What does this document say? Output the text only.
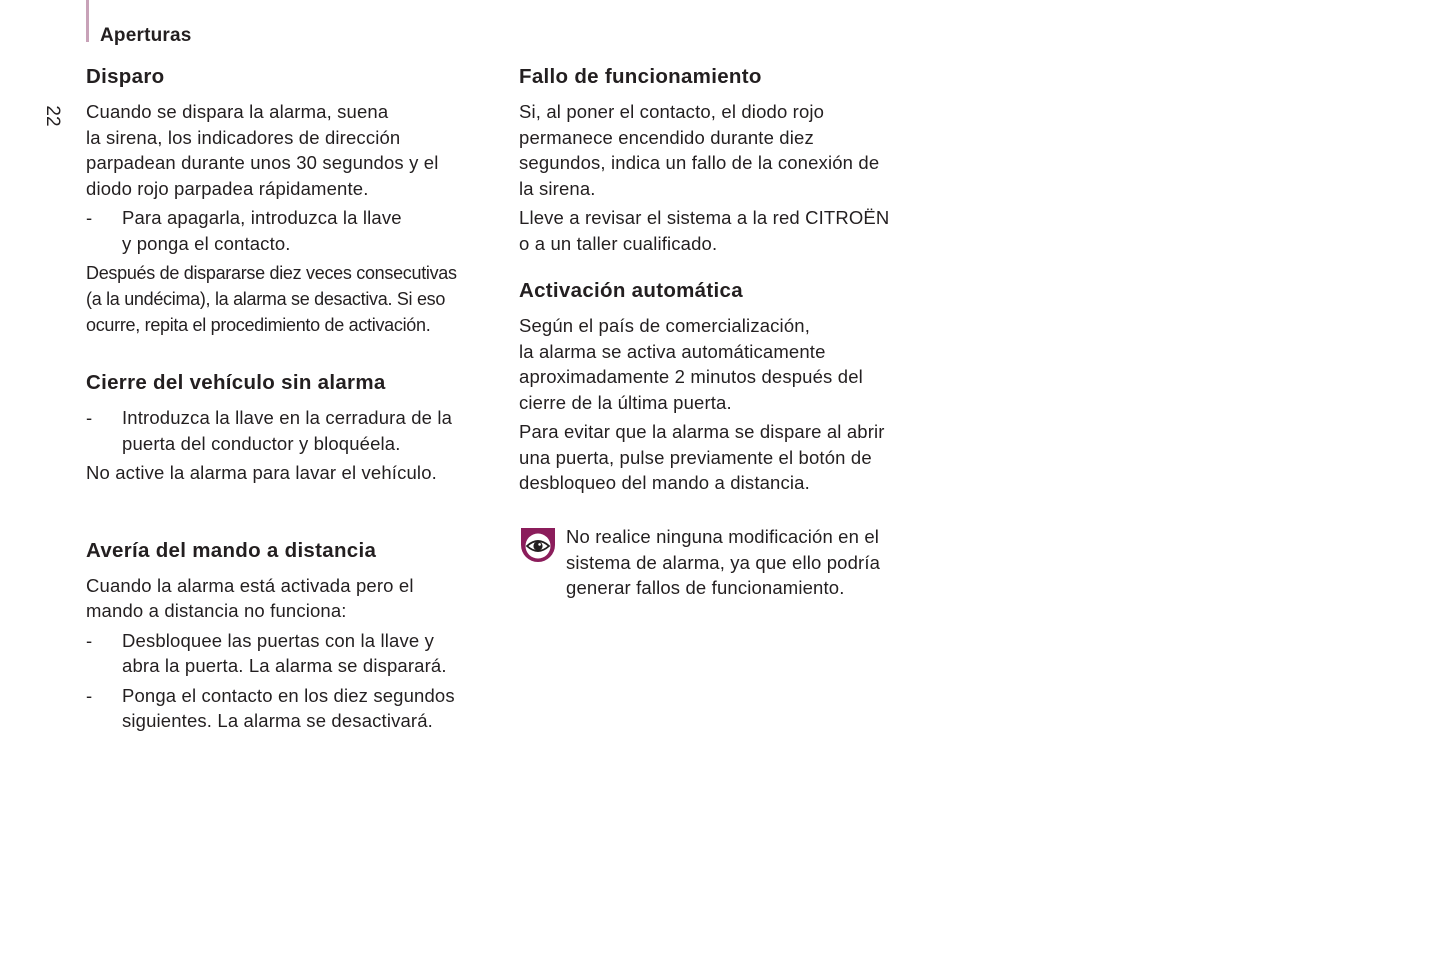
Aperturas
22
Disparo

Cuando se dispara la alarma, suena
la sirena, los indicadores de dirección
parpadean durante unos 30 segundos y el
diodo rojo parpadea rápidamente.

-	Para apagarla, introduzca la llave
y ponga el contacto.

Después de dispararse diez veces consecutivas
(a la undécima), la alarma se desactiva. Si eso
ocurre, repita el procedimiento de activación.

Cierre del vehículo sin alarma
-	Introduzca la llave en la cerradura de la
puerta del conductor y bloquéela.

No active la alarma para lavar el vehículo.

Avería del mando a distancia

Cuando la alarma está activada pero el
mando a distancia no funciona:

-	Desbloquee las puertas con la llave y
abra la puerta. La alarma se disparará.
-	Ponga el contacto en los diez segundos
siguientes. La alarma se desactivará.
Fallo de funcionamiento

Si, al poner el contacto, el diodo rojo
permanece encendido durante diez
segundos, indica un fallo de la conexión de
la sirena.

Lleve a revisar el sistema a la red CITROËN
o a un taller cualificado.

Activación automática

Según el país de comercialización,
la alarma se activa automáticamente
aproximadamente 2 minutos después del
cierre de la última puerta.

Para evitar que la alarma se dispare al abrir
una puerta, pulse previamente el botón de
desbloqueo del mando a distancia.

No realice ninguna modificación en el
sistema de alarma, ya que ello podría
generar fallos de funcionamiento.
